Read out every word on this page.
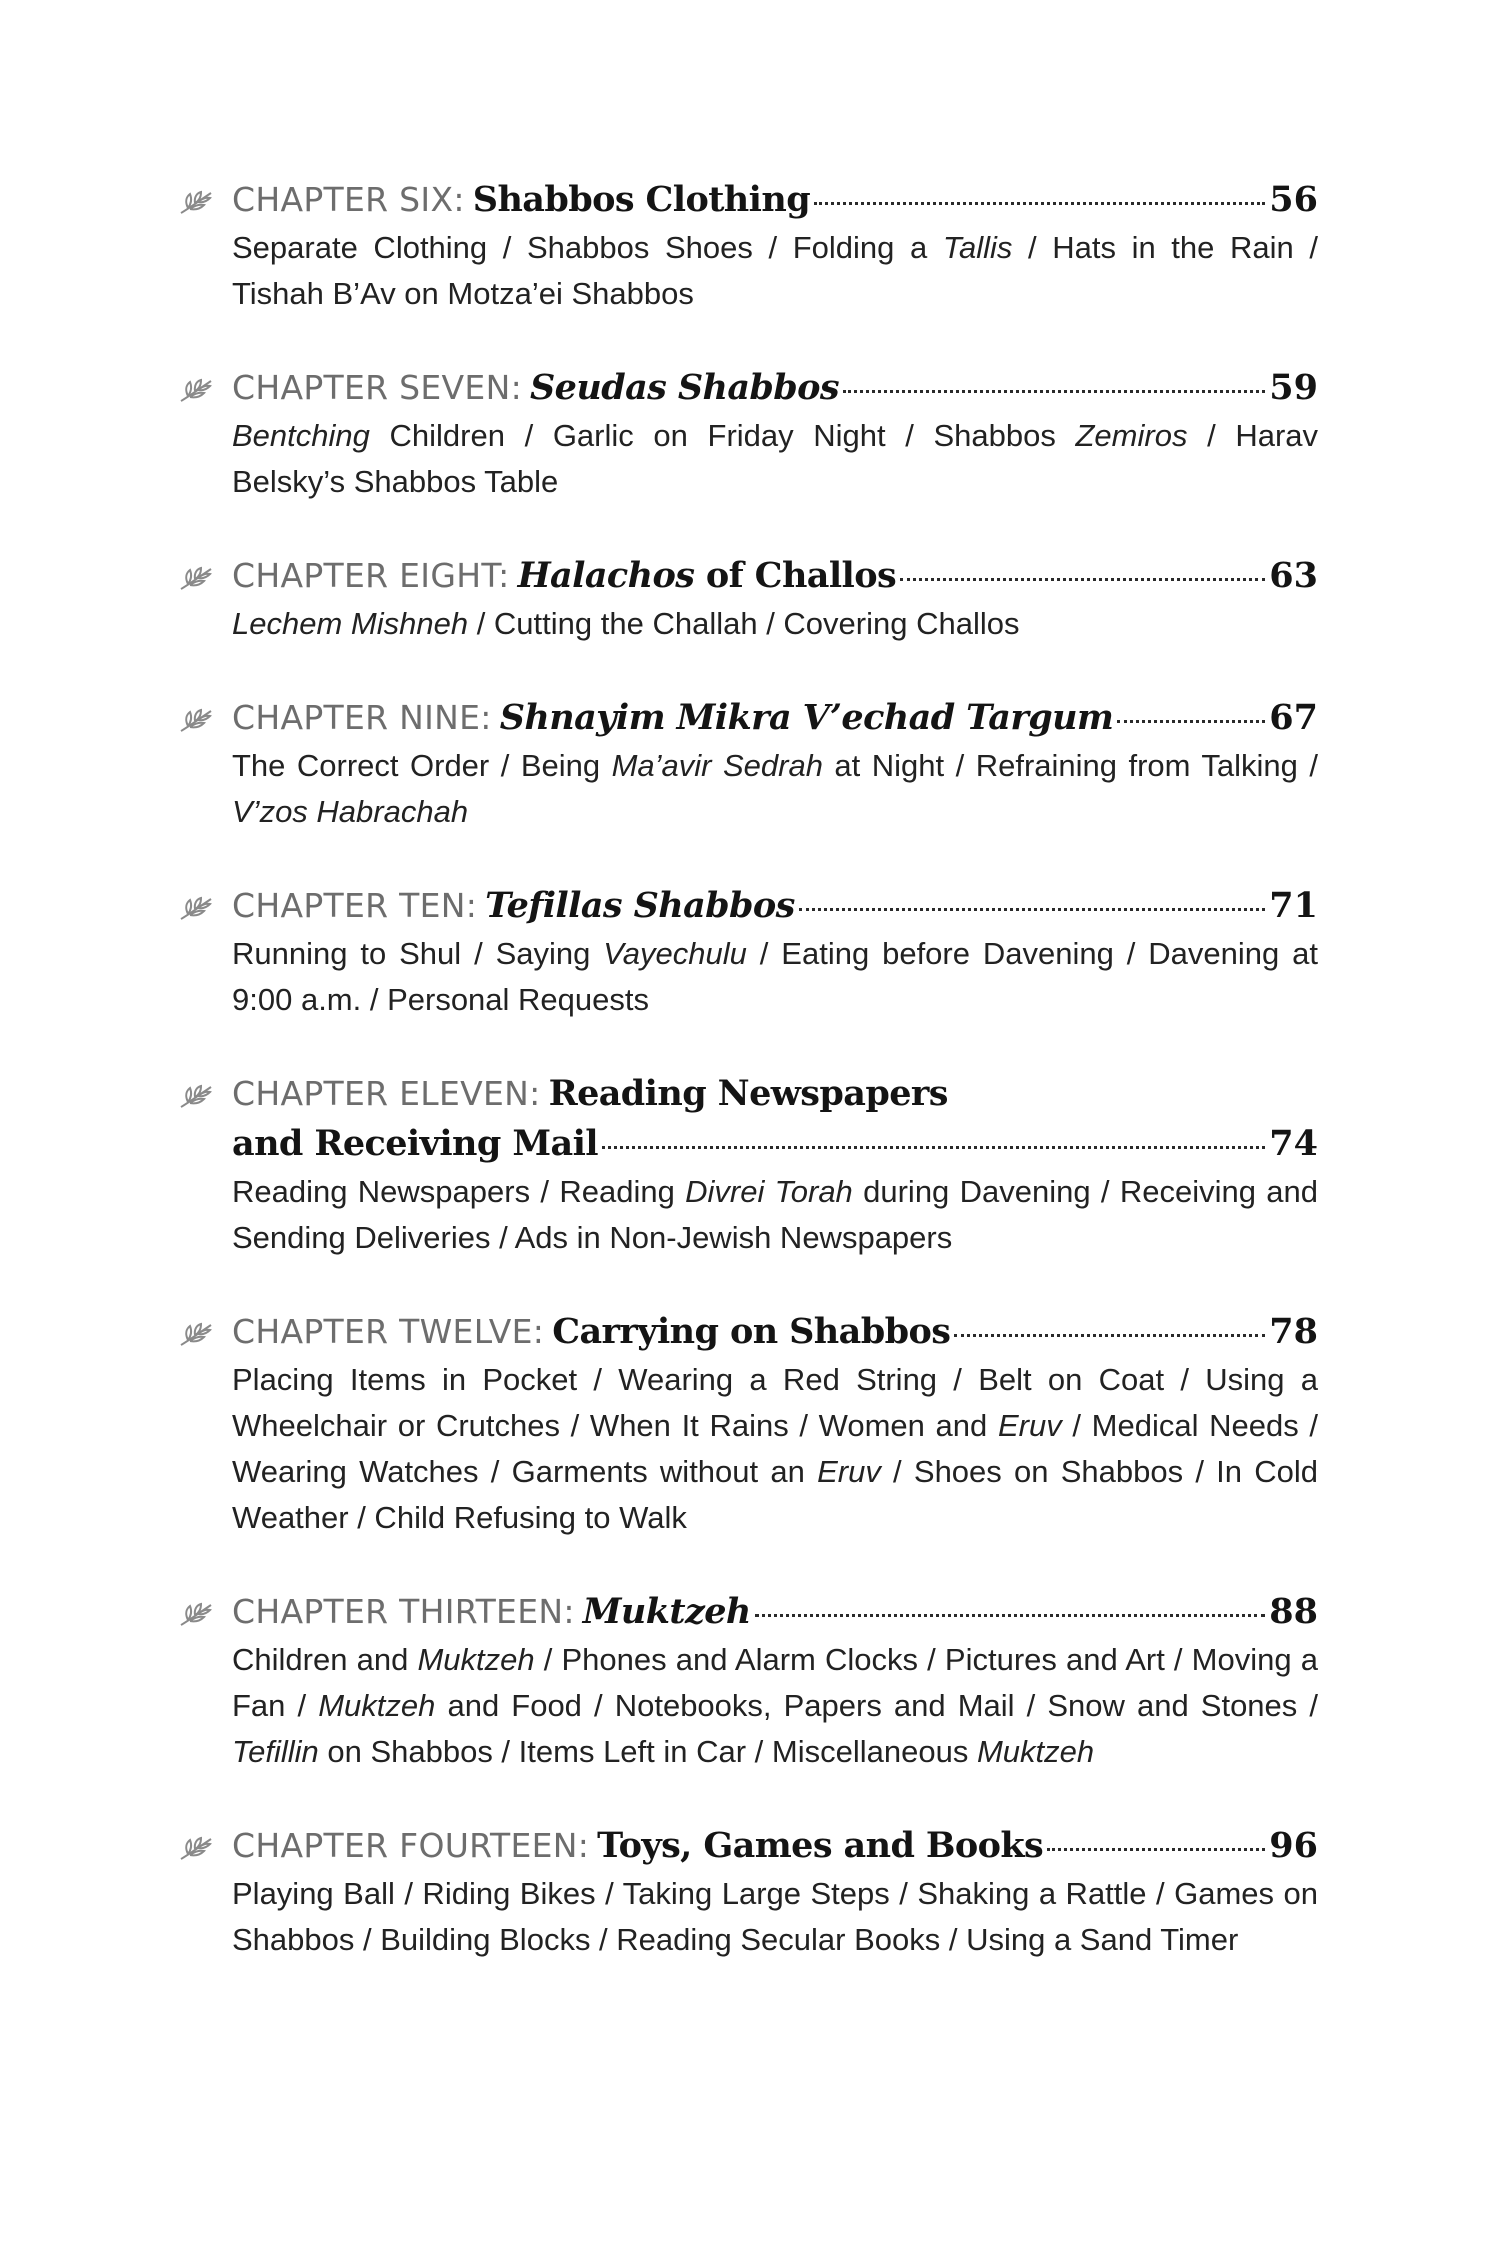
CHAPTER SIX: Shabbos Clothing	56
Separate Clothing / Shabbos Shoes / Folding a Tallis / Hats in the Rain / Tishah B’Av on Motza’ei Shabbos
CHAPTER SEVEN: Seudas Shabbos	59
Bentching Children / Garlic on Friday Night / Shabbos Zemiros / Harav Belsky’s Shabbos Table
CHAPTER EIGHT: Halachos of Challos	63
Lechem Mishneh / Cutting the Challah / Covering Challos
CHAPTER NINE: Shnayim Mikra V’echad Targum	67
The Correct Order / Being Ma’avir Sedrah at Night / Refraining from Talking / V’zos Habrachah
CHAPTER TEN: Tefillas Shabbos	71
Running to Shul / Saying Vayechulu / Eating before Davening / Davening at 9:00 a.m. / Personal Requests
CHAPTER ELEVEN: Reading Newspapers
and Receiving Mail	74
Reading Newspapers / Reading Divrei Torah during Davening / Receiving and Sending Deliveries / Ads in Non-Jewish Newspapers
CHAPTER TWELVE: Carrying on Shabbos	78
Placing Items in Pocket / Wearing a Red String / Belt on Coat / Using a Wheelchair or Crutches / When It Rains / Women and Eruv / Medical Needs / Wearing Watches / Garments without an Eruv / Shoes on Shabbos / In Cold Weather / Child Refusing to Walk
CHAPTER THIRTEEN: Muktzeh	88
Children and Muktzeh / Phones and Alarm Clocks / Pictures and Art / Moving a Fan / Muktzeh and Food / Notebooks, Papers and Mail / Snow and Stones / Tefillin on Shabbos / Items Left in Car / Miscellaneous Muktzeh
CHAPTER FOURTEEN: Toys, Games and Books	96
Playing Ball / Riding Bikes / Taking Large Steps / Shaking a Rattle / Games on Shabbos / Building Blocks / Reading Secular Books / Using a Sand Timer
